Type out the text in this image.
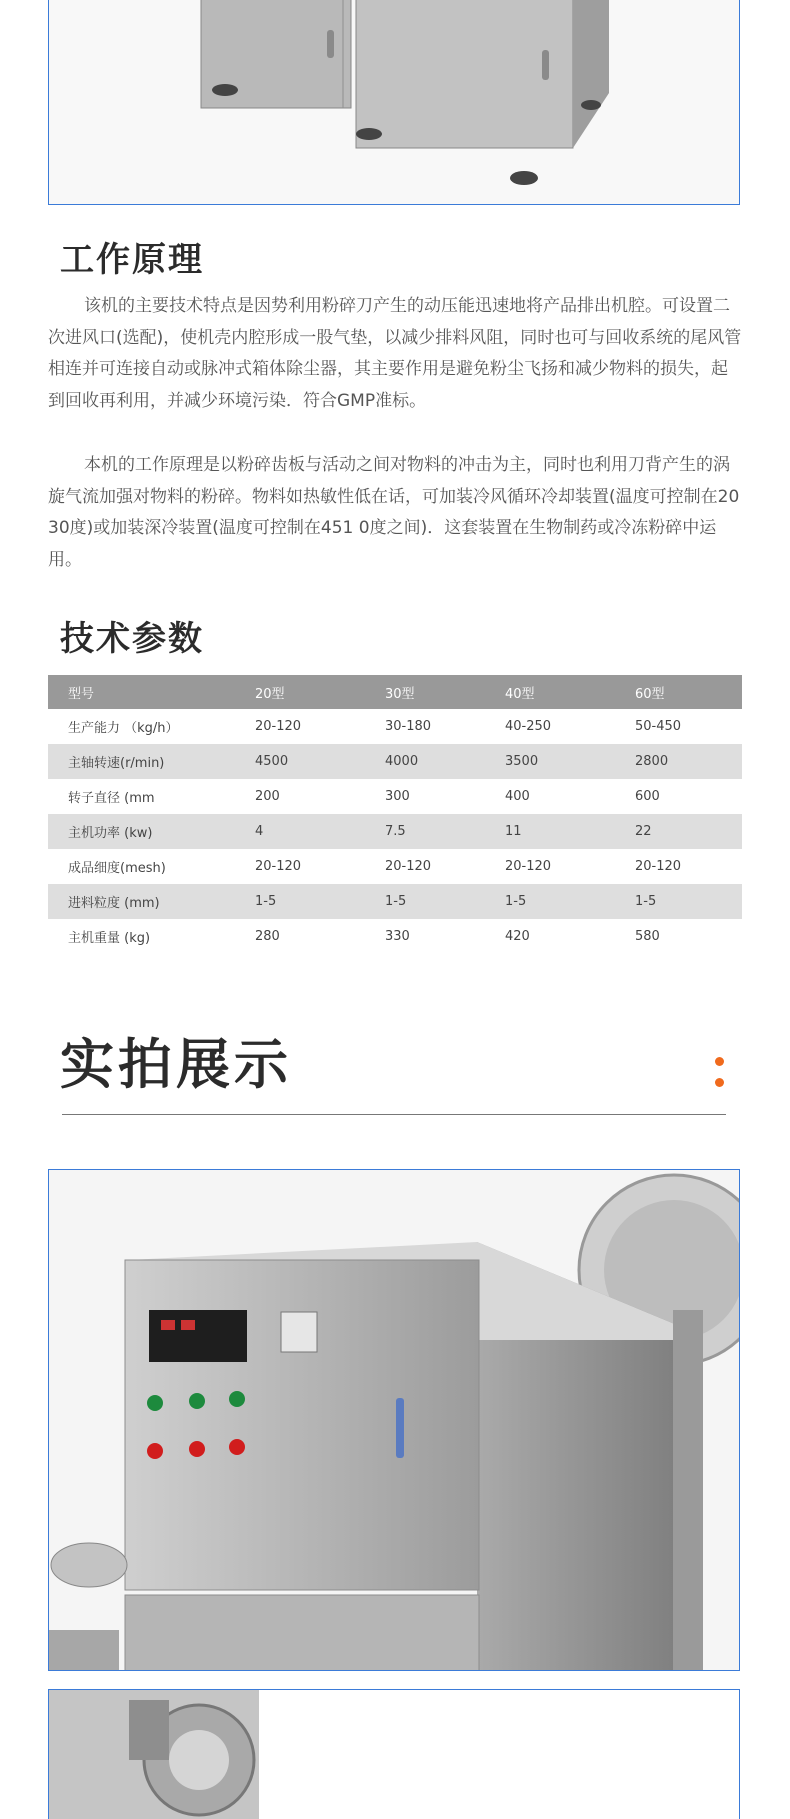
工作原理

该机的主要技术特点是因势利用粉碎刀产生的动压能迅速地将产品排出机腔。可设置二次进风口(选配)，使机壳内腔形成一股气垫，以减少排料风阻，同时也可与回收系统的尾风管相连并可连接自动或脉冲式箱体除尘器，其主要作用是避免粉尘飞扬和减少物料的损失，起到回收再利用，并减少环境污染．符合GMP准标。

本机的工作原理是以粉碎齿板与活动之间对物料的冲击为主，同时也利用刀背产生的涡旋气流加强对物料的粉碎。物料如热敏性低在话，可加装冷风循环冷却装置(温度可控制在20 30度)或加装深冷装置(温度可控制在451 0度之间)．这套装置在生物制药或冷冻粉碎中运用。

技术参数
型号	20型	30型	40型	60型
生产能力 （kg/h）	20-120	30-180	40-250	50-450
主轴转速(r/min)	4500	4000	3500	2800
转子直径 (mm	200	300	400	600
主机功率 (kw)	4	7.5	11	22
成品细度(mesh)	20-120	20-120	20-120	20-120
进料粒度 (mm)	1-5	1-5	1-5	1-5
主机重量 (kg)	280	330	420	580
实拍展示
